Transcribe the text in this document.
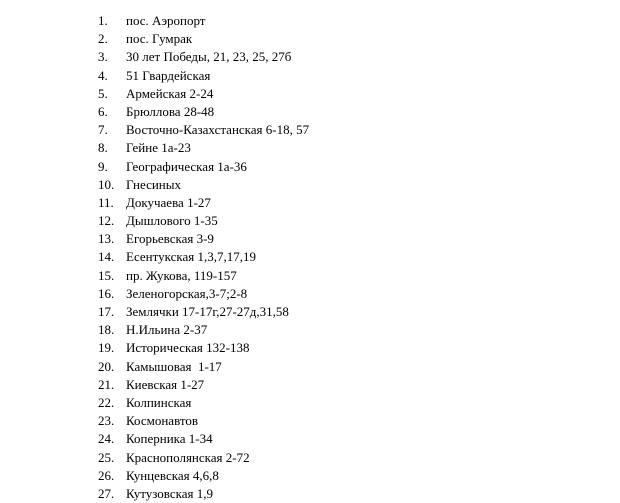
1. пос. Аэропорт
2. пос. Гумрак
3. 30 лет Победы, 21, 23, 25, 27б
4. 51 Гвардейская
5. Армейская 2-24
6. Брюллова 28-48
7. Восточно-Казахстанская 6-18, 57
8. Гейне 1а-23
9. Географическая 1а-36
10. Гнесиных
11. Докучаева 1-27
12. Дышлового 1-35
13. Егорьевская 3-9
14. Есентукская 1,3,7,17,19
15. пр. Жукова, 119-157
16. Зеленогорская,3-7;2-8
17. Землячки 17-17г,27-27д,31,58
18. Н.Ильина 2-37
19. Историческая 132-138
20. Камышовая  1-17
21. Киевская 1-27
22. Колпинская
23. Космонавтов
24. Коперника 1-34
25. Краснополянская 2-72
26. Кунцевская 4,6,8
27. Кутузовская 1,9
